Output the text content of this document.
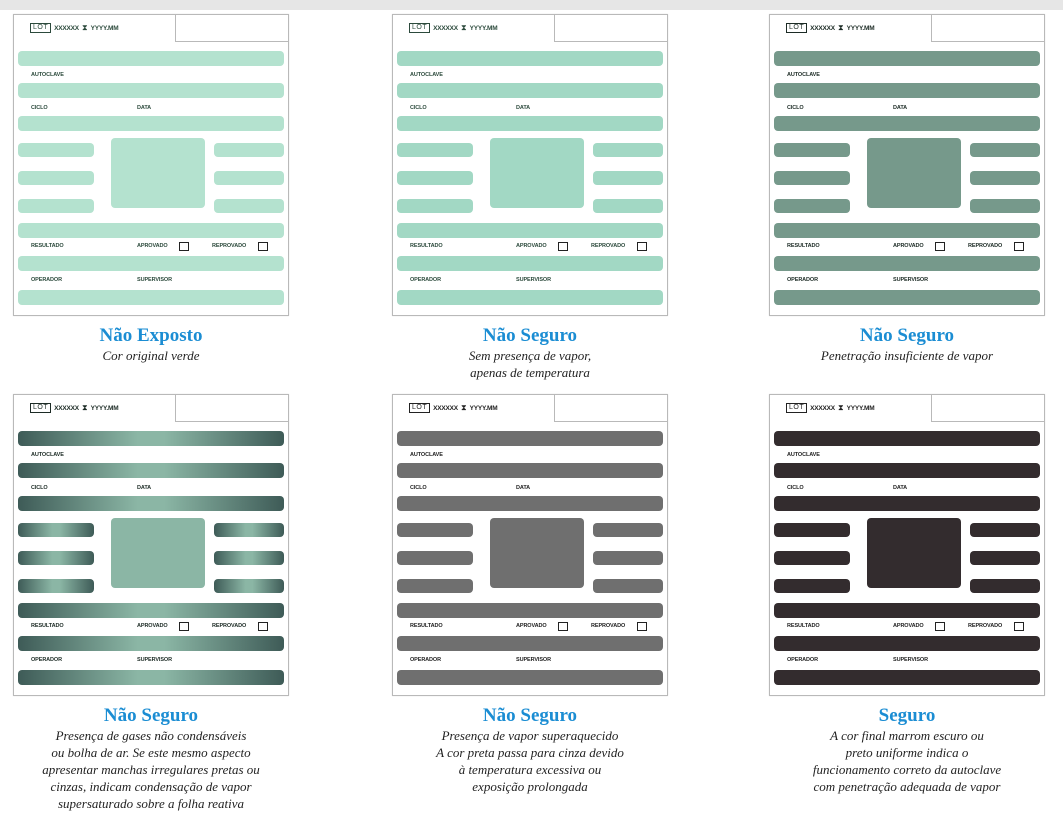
LOT XXXXXX ⧗ YYYY.MM
AUTOCLAVE
CICLO	DATA
RESULTADO	APROVADO	REPROVADO
OPERADOR	SUPERVISOR
Não Exposto
Cor original verde
LOT XXXXXX ⧗ YYYY.MM
AUTOCLAVE
CICLO	DATA
RESULTADO	APROVADO	REPROVADO
OPERADOR	SUPERVISOR
Não Seguro
Sem presença de vapor,
apenas de temperatura
LOT XXXXXX ⧗ YYYY.MM
AUTOCLAVE
CICLO	DATA
RESULTADO	APROVADO	REPROVADO
OPERADOR	SUPERVISOR
Não Seguro
Penetração insuficiente de vapor
LOT XXXXXX ⧗ YYYY.MM
AUTOCLAVE
CICLO	DATA
RESULTADO	APROVADO	REPROVADO
OPERADOR	SUPERVISOR
Não Seguro
Presença de gases não condensáveis
ou bolha de ar. Se este mesmo aspecto
apresentar manchas irregulares pretas ou
cinzas, indicam condensação de vapor
supersaturado sobre a folha reativa
LOT XXXXXX ⧗ YYYY.MM
AUTOCLAVE
CICLO	DATA
RESULTADO	APROVADO	REPROVADO
OPERADOR	SUPERVISOR
Não Seguro
Presença de vapor superaquecido
A cor preta passa para cinza devido
à temperatura excessiva ou
exposição prolongada
LOT XXXXXX ⧗ YYYY.MM
AUTOCLAVE
CICLO	DATA
RESULTADO	APROVADO	REPROVADO
OPERADOR	SUPERVISOR
Seguro
A cor final marrom escuro ou
preto uniforme indica o
funcionamento correto da autoclave
com penetração adequada de vapor
